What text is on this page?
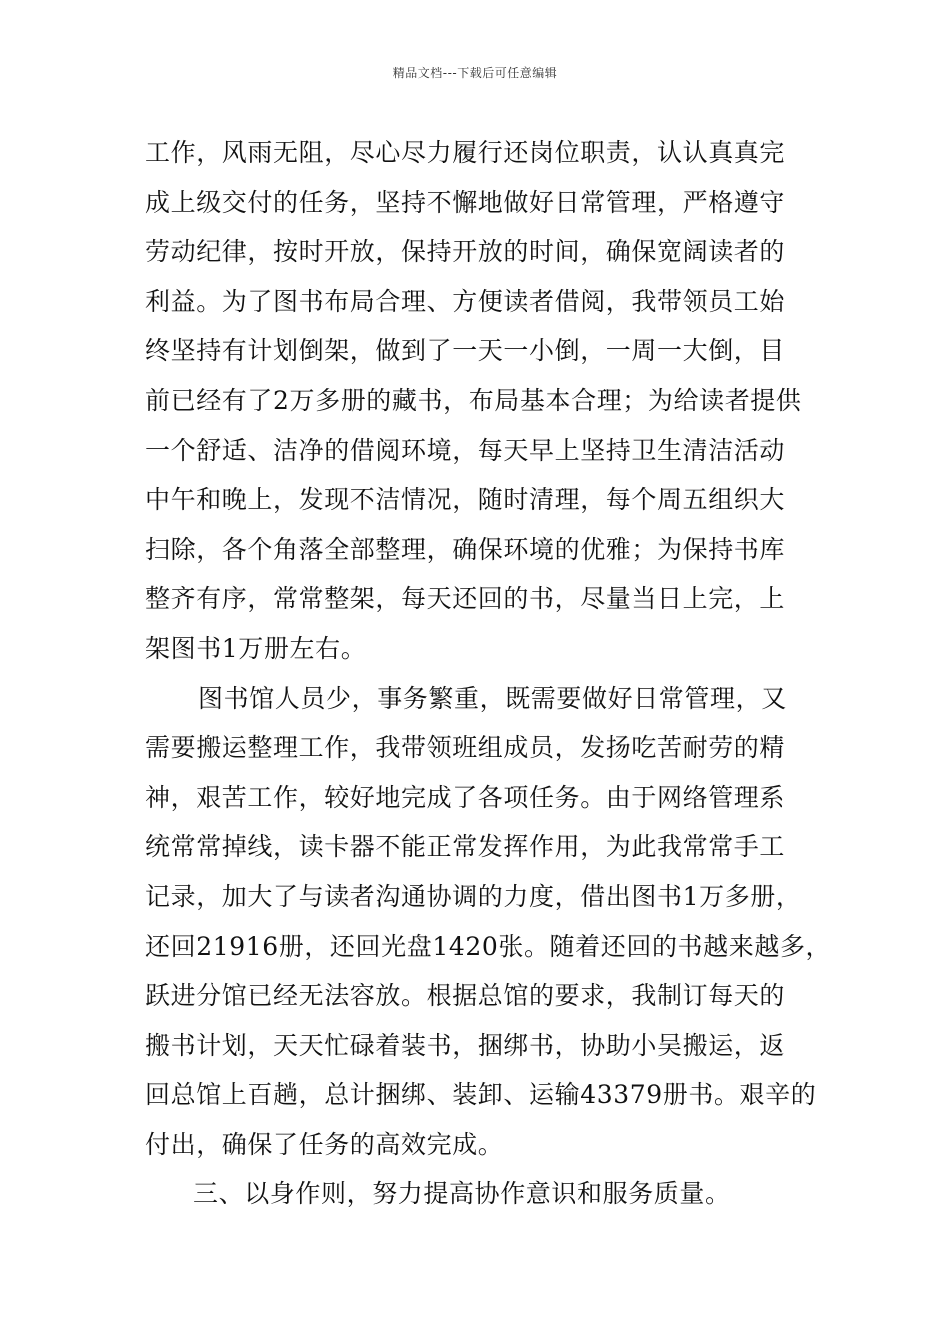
精品文档---下载后可任意编辑
工作，风雨无阻，尽心尽力履行还岗位职责，认认真真完
成上级交付的任务，坚持不懈地做好日常管理，严格遵守
劳动纪律，按时开放，保持开放的时间，确保宽阔读者的
利益。为了图书布局合理、方便读者借阅，我带领员工始
终坚持有计划倒架，做到了一天一小倒，一周一大倒，目
前已经有了2万多册的藏书，布局基本合理；为给读者提供
一个舒适、洁净的借阅环境，每天早上坚持卫生清洁活动
中午和晚上，发现不洁情况，随时清理，每个周五组织大
扫除，各个角落全部整理，确保环境的优雅；为保持书库
整齐有序，常常整架，每天还回的书，尽量当日上完，上
架图书1万册左右。
图书馆人员少，事务繁重，既需要做好日常管理，又
需要搬运整理工作，我带领班组成员，发扬吃苦耐劳的精
神，艰苦工作，较好地完成了各项任务。由于网络管理系
统常常掉线，读卡器不能正常发挥作用，为此我常常手工
记录，加大了与读者沟通协调的力度，借出图书1万多册，
还回21916册，还回光盘1420张。随着还回的书越来越多，
跃进分馆已经无法容放。根据总馆的要求，我制订每天的
搬书计划，天天忙碌着装书，捆绑书，协助小吴搬运，返
回总馆上百趟，总计捆绑、装卸、运输43379册书。艰辛的
付出，确保了任务的高效完成。
三、以身作则，努力提高协作意识和服务质量。
